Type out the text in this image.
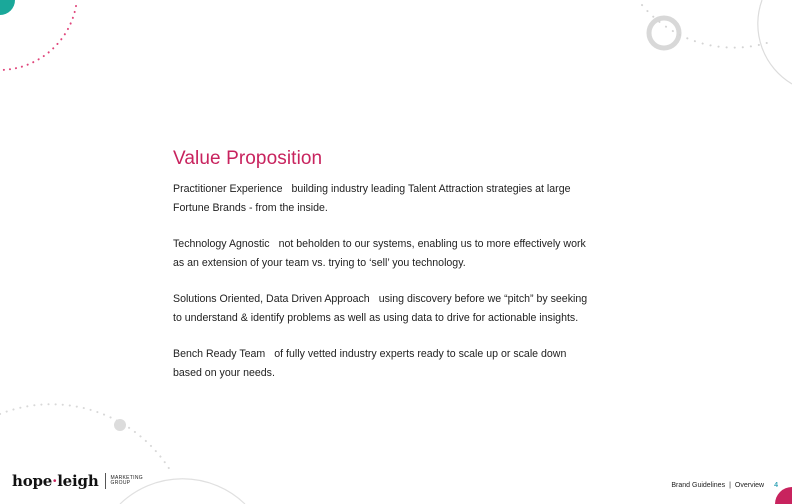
Value Proposition

Practitioner Experience building industry leading Talent Attraction strategies at large Fortune Brands - from the inside.

Technology Agnostic not beholden to our systems, enabling us to more effectively work as an extension of your team vs. trying to ‘sell’ you technology.

Solutions Oriented, Data Driven Approach using discovery before we “pitch” by seeking to understand & identify problems as well as using data to drive for actionable insights.

Bench Ready Team of fully vetted industry experts ready to scale up or scale down based on your needs.

hope·leigh MARKETING
GROUP	Brand Guidelines | Overview 4
